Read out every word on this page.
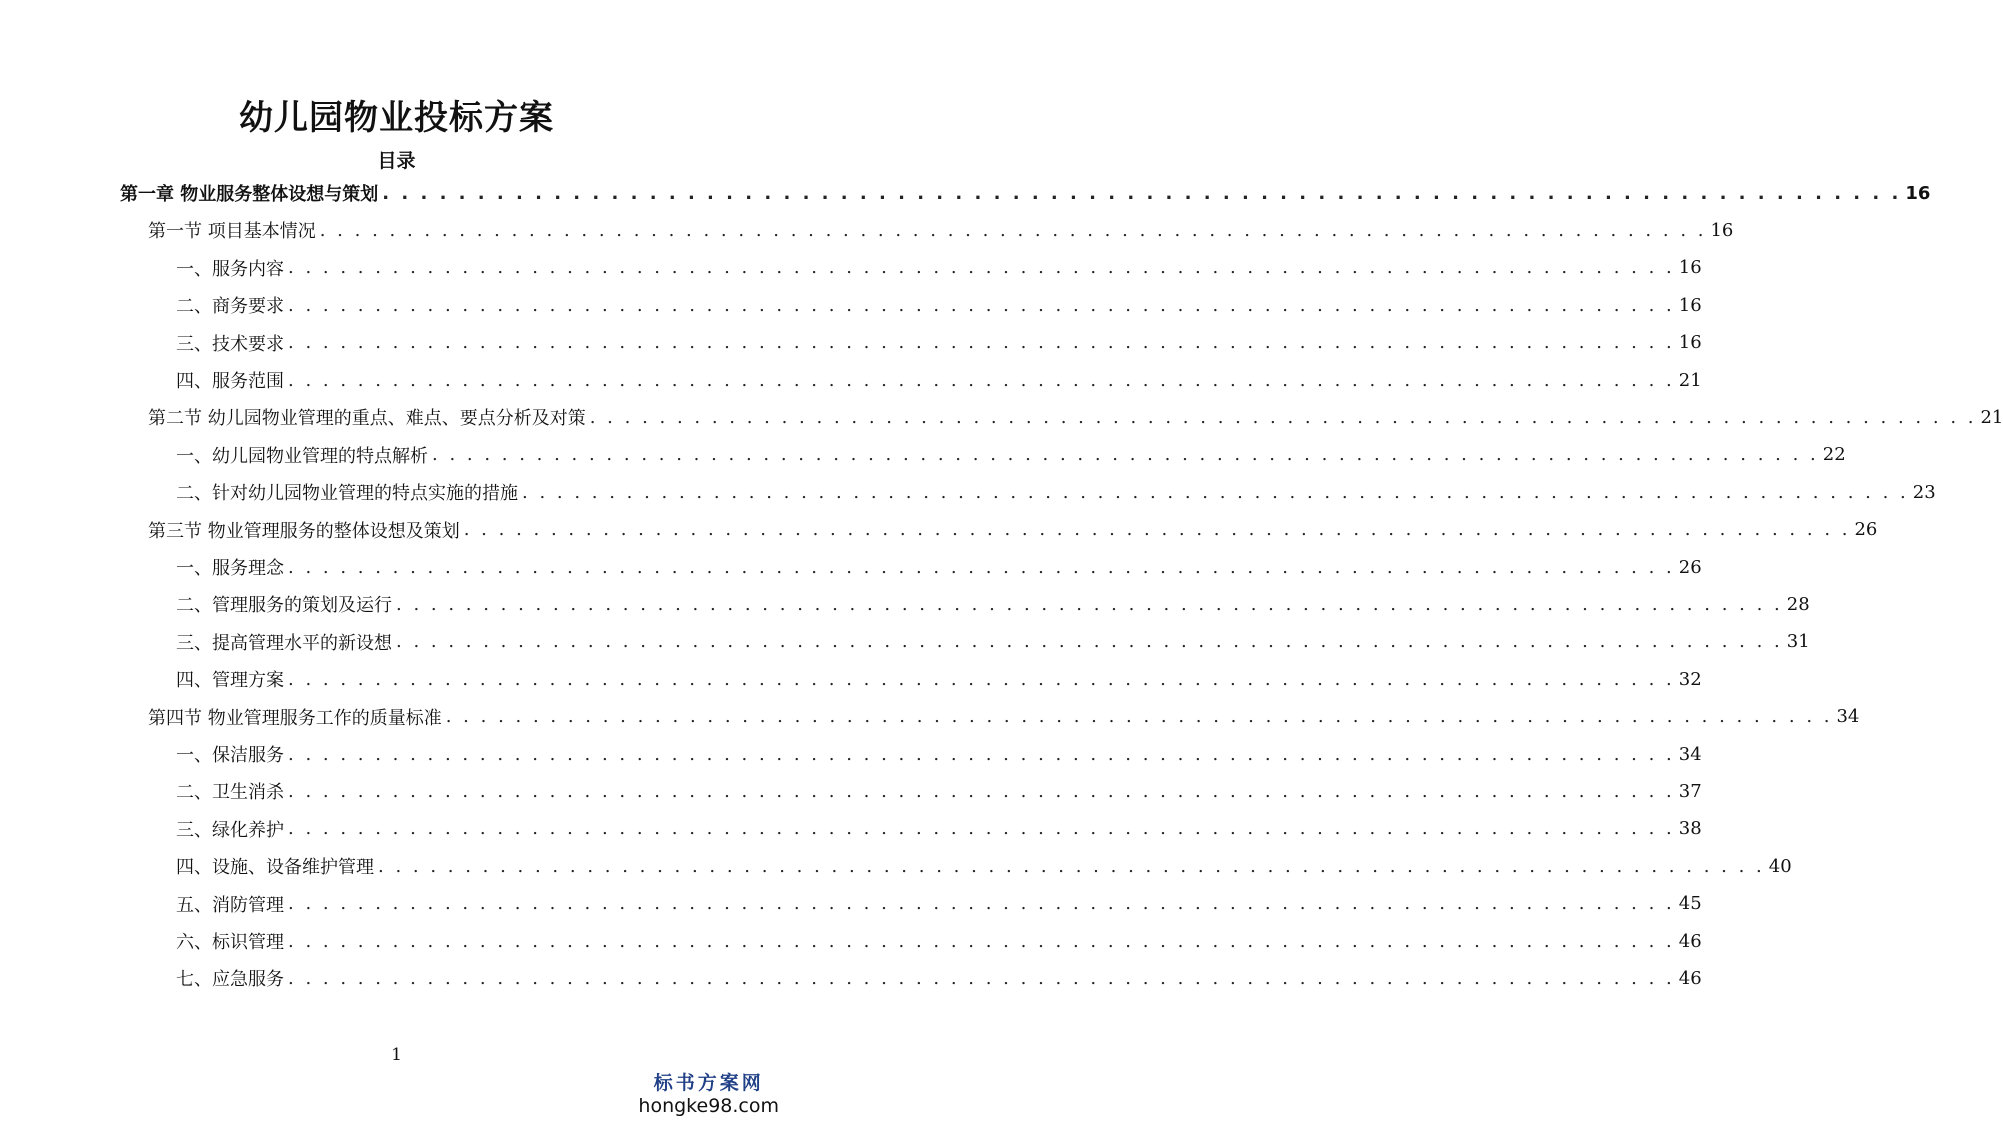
幼儿园物业投标方案
目录
第一章 物业服务整体设想与策划 . . . . . . . . . . . . . . . . . . . . . . . . . . . . . . . . . . . . . . . . . . . . . . . . . . . . . . . . . . . . . . . . . . . . . . . . . . . . . . . . 16
第一节 项目基本情况 . . . . . . . . . . . . . . . . . . . . . . . . . . . . . . . . . . . . . . . . . . . . . . . . . . . . . . . . . . . . . . . . . . . . . . . . . . . . . . . . 16
一、服务内容 . . . . . . . . . . . . . . . . . . . . . . . . . . . . . . . . . . . . . . . . . . . . . . . . . . . . . . . . . . . . . . . . . . . . . . . . . . . . . . . . 16
二、商务要求 . . . . . . . . . . . . . . . . . . . . . . . . . . . . . . . . . . . . . . . . . . . . . . . . . . . . . . . . . . . . . . . . . . . . . . . . . . . . . . . . 16
三、技术要求 . . . . . . . . . . . . . . . . . . . . . . . . . . . . . . . . . . . . . . . . . . . . . . . . . . . . . . . . . . . . . . . . . . . . . . . . . . . . . . . . 16
四、服务范围 . . . . . . . . . . . . . . . . . . . . . . . . . . . . . . . . . . . . . . . . . . . . . . . . . . . . . . . . . . . . . . . . . . . . . . . . . . . . . . . . 21
第二节 幼儿园物业管理的重点、难点、要点分析及对策 . . . . . . . . . . . . . . . . . . . . . . . . . . . . . . . . . . . . . . . . . . . . . . . . . . . . . . . . . . . . . . . . . . . . . . . . . . . . . . . . 21
一、幼儿园物业管理的特点解析 . . . . . . . . . . . . . . . . . . . . . . . . . . . . . . . . . . . . . . . . . . . . . . . . . . . . . . . . . . . . . . . . . . . . . . . . . . . . . . . . 22
二、针对幼儿园物业管理的特点实施的措施 . . . . . . . . . . . . . . . . . . . . . . . . . . . . . . . . . . . . . . . . . . . . . . . . . . . . . . . . . . . . . . . . . . . . . . . . . . . . . . . . 23
第三节 物业管理服务的整体设想及策划 . . . . . . . . . . . . . . . . . . . . . . . . . . . . . . . . . . . . . . . . . . . . . . . . . . . . . . . . . . . . . . . . . . . . . . . . . . . . . . . . 26
一、服务理念 . . . . . . . . . . . . . . . . . . . . . . . . . . . . . . . . . . . . . . . . . . . . . . . . . . . . . . . . . . . . . . . . . . . . . . . . . . . . . . . . 26
二、管理服务的策划及运行 . . . . . . . . . . . . . . . . . . . . . . . . . . . . . . . . . . . . . . . . . . . . . . . . . . . . . . . . . . . . . . . . . . . . . . . . . . . . . . . . 28
三、提高管理水平的新设想 . . . . . . . . . . . . . . . . . . . . . . . . . . . . . . . . . . . . . . . . . . . . . . . . . . . . . . . . . . . . . . . . . . . . . . . . . . . . . . . . 31
四、管理方案 . . . . . . . . . . . . . . . . . . . . . . . . . . . . . . . . . . . . . . . . . . . . . . . . . . . . . . . . . . . . . . . . . . . . . . . . . . . . . . . . 32
第四节 物业管理服务工作的质量标准 . . . . . . . . . . . . . . . . . . . . . . . . . . . . . . . . . . . . . . . . . . . . . . . . . . . . . . . . . . . . . . . . . . . . . . . . . . . . . . . . 34
一、保洁服务 . . . . . . . . . . . . . . . . . . . . . . . . . . . . . . . . . . . . . . . . . . . . . . . . . . . . . . . . . . . . . . . . . . . . . . . . . . . . . . . . 34
二、卫生消杀 . . . . . . . . . . . . . . . . . . . . . . . . . . . . . . . . . . . . . . . . . . . . . . . . . . . . . . . . . . . . . . . . . . . . . . . . . . . . . . . . 37
三、绿化养护 . . . . . . . . . . . . . . . . . . . . . . . . . . . . . . . . . . . . . . . . . . . . . . . . . . . . . . . . . . . . . . . . . . . . . . . . . . . . . . . . 38
四、设施、设备维护管理 . . . . . . . . . . . . . . . . . . . . . . . . . . . . . . . . . . . . . . . . . . . . . . . . . . . . . . . . . . . . . . . . . . . . . . . . . . . . . . . . 40
五、消防管理 . . . . . . . . . . . . . . . . . . . . . . . . . . . . . . . . . . . . . . . . . . . . . . . . . . . . . . . . . . . . . . . . . . . . . . . . . . . . . . . . 45
六、标识管理 . . . . . . . . . . . . . . . . . . . . . . . . . . . . . . . . . . . . . . . . . . . . . . . . . . . . . . . . . . . . . . . . . . . . . . . . . . . . . . . . 46
七、应急服务 . . . . . . . . . . . . . . . . . . . . . . . . . . . . . . . . . . . . . . . . . . . . . . . . . . . . . . . . . . . . . . . . . . . . . . . . . . . . . . . . 46
1
标书方案网
hongke98.com
